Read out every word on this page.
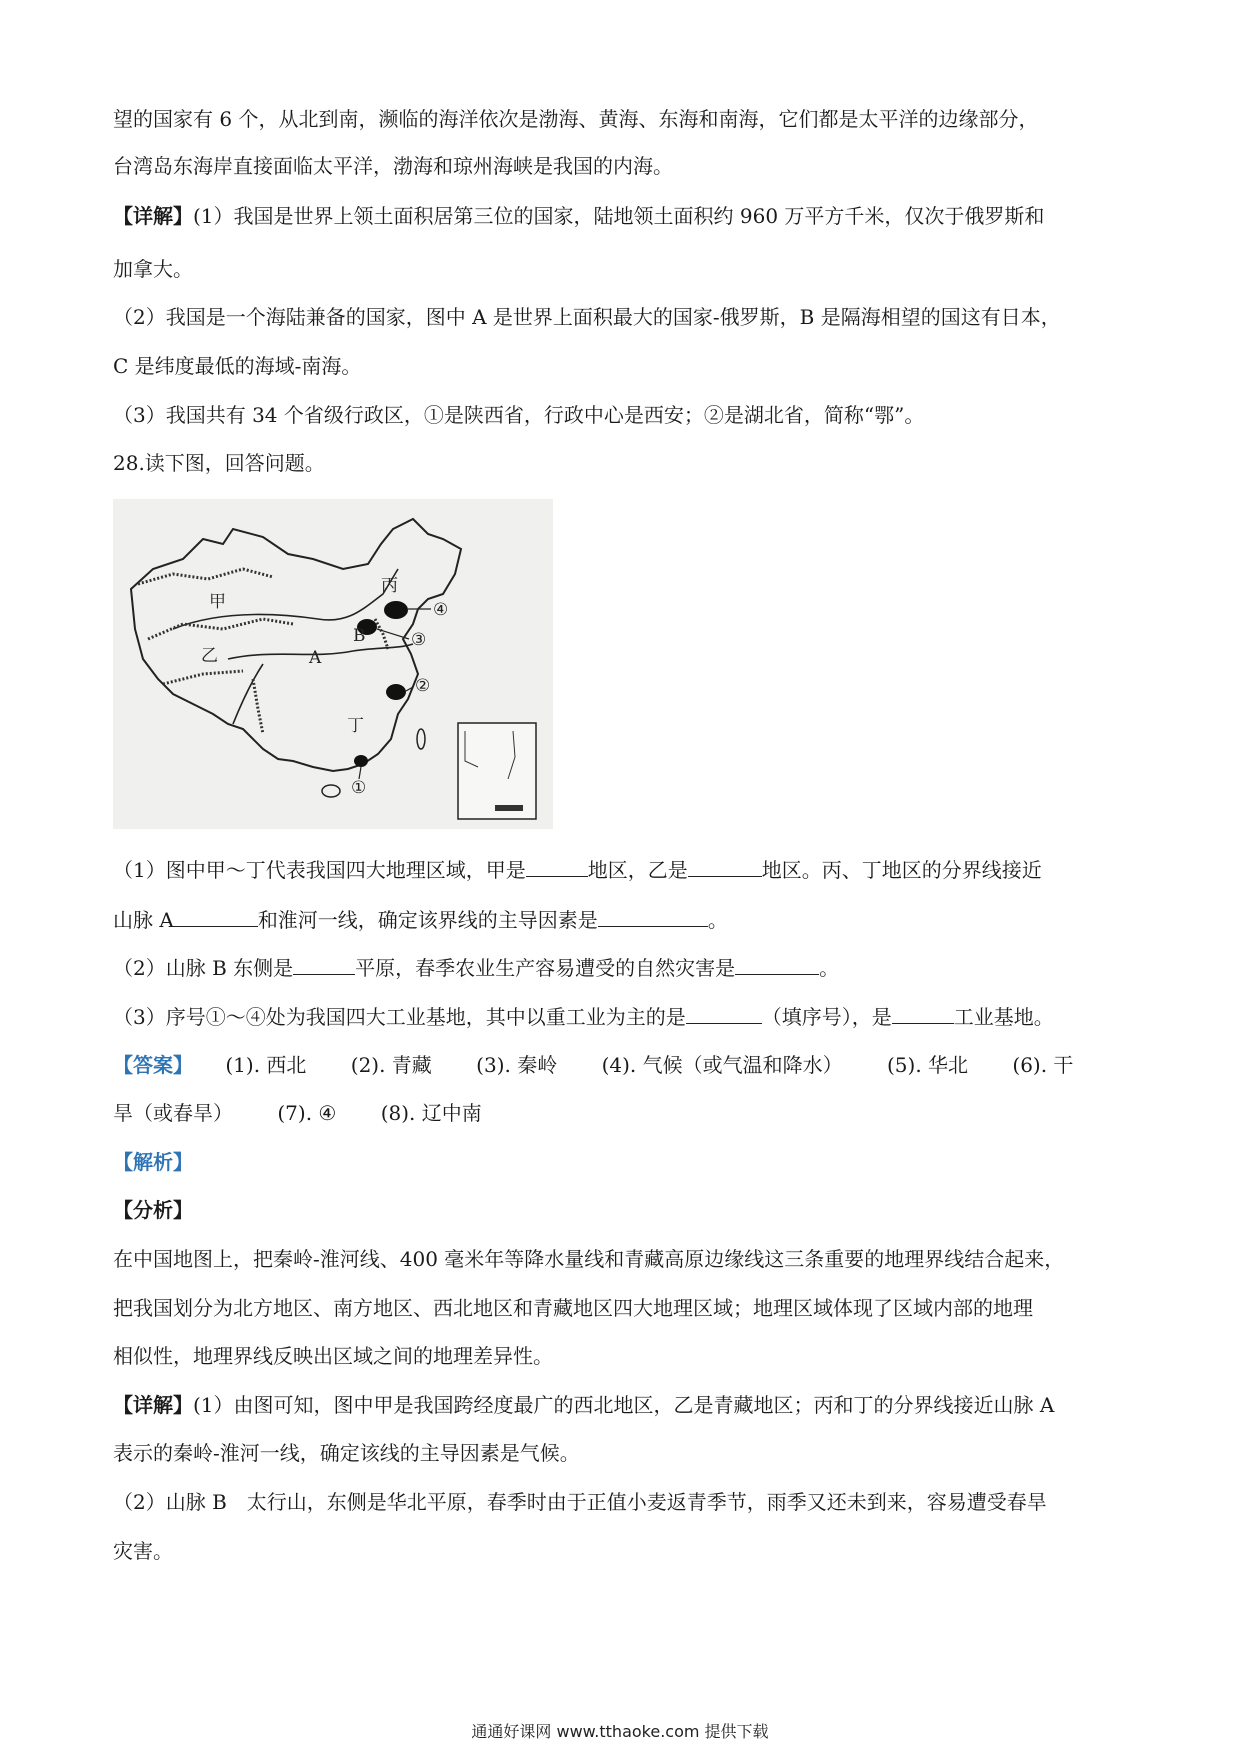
望的国家有 6 个，从北到南，濒临的海洋依次是渤海、黄海、东海和南海，它们都是太平洋的边缘部分，
台湾岛东海岸直接面临太平洋，渤海和琼州海峡是我国的内海。
【详解】(1）我国是世界上领土面积居第三位的国家，陆地领土面积约 960 万平方千米，仅次于俄罗斯和
加拿大。
（2）我国是一个海陆兼备的国家，图中 A 是世界上面积最大的国家-俄罗斯，B 是隔海相望的国这有日本，
C 是纬度最低的海域-南海。
（3）我国共有 34 个省级行政区，①是陕西省，行政中心是西安；②是湖北省，简称“鄂”。
28.读下图，回答问题。
甲
乙
丙
丁
A
B
④
③
②
①
（1）图中甲～丁代表我国四大地理区域，甲是	地区，乙是	地区。丙、丁地区的分界线接近
山脉 A	和淮河一线，确定该界线的主导因素是	。
（2）山脉 B 东侧是	平原，春季农业生产容易遭受的自然灾害是	。
（3）序号①～④处为我国四大工业基地，其中以重工业为主的是	（填序号），是	工业基地。
【答案】 (1). 西北 (2). 青藏 (3). 秦岭 (4). 气候（或气温和降水） (5). 华北 (6). 干
旱（或春旱） (7). ④ (8). 辽中南
【解析】
【分析】
在中国地图上，把秦岭-淮河线、400 毫米年等降水量线和青藏高原边缘线这三条重要的地理界线结合起来，
把我国划分为北方地区、南方地区、西北地区和青藏地区四大地理区域；地理区域体现了区域内部的地理
相似性，地理界线反映出区域之间的地理差异性。
【详解】(1）由图可知，图中甲是我国跨经度最广的西北地区，乙是青藏地区；丙和丁的分界线接近山脉 A
表示的秦岭-淮河一线，确定该线的主导因素是气候。
（2）山脉 B　太行山，东侧是华北平原，春季时由于正值小麦返青季节，雨季又还未到来，容易遭受春旱
灾害。
通通好课网 www.tthaoke.com 提供下载
